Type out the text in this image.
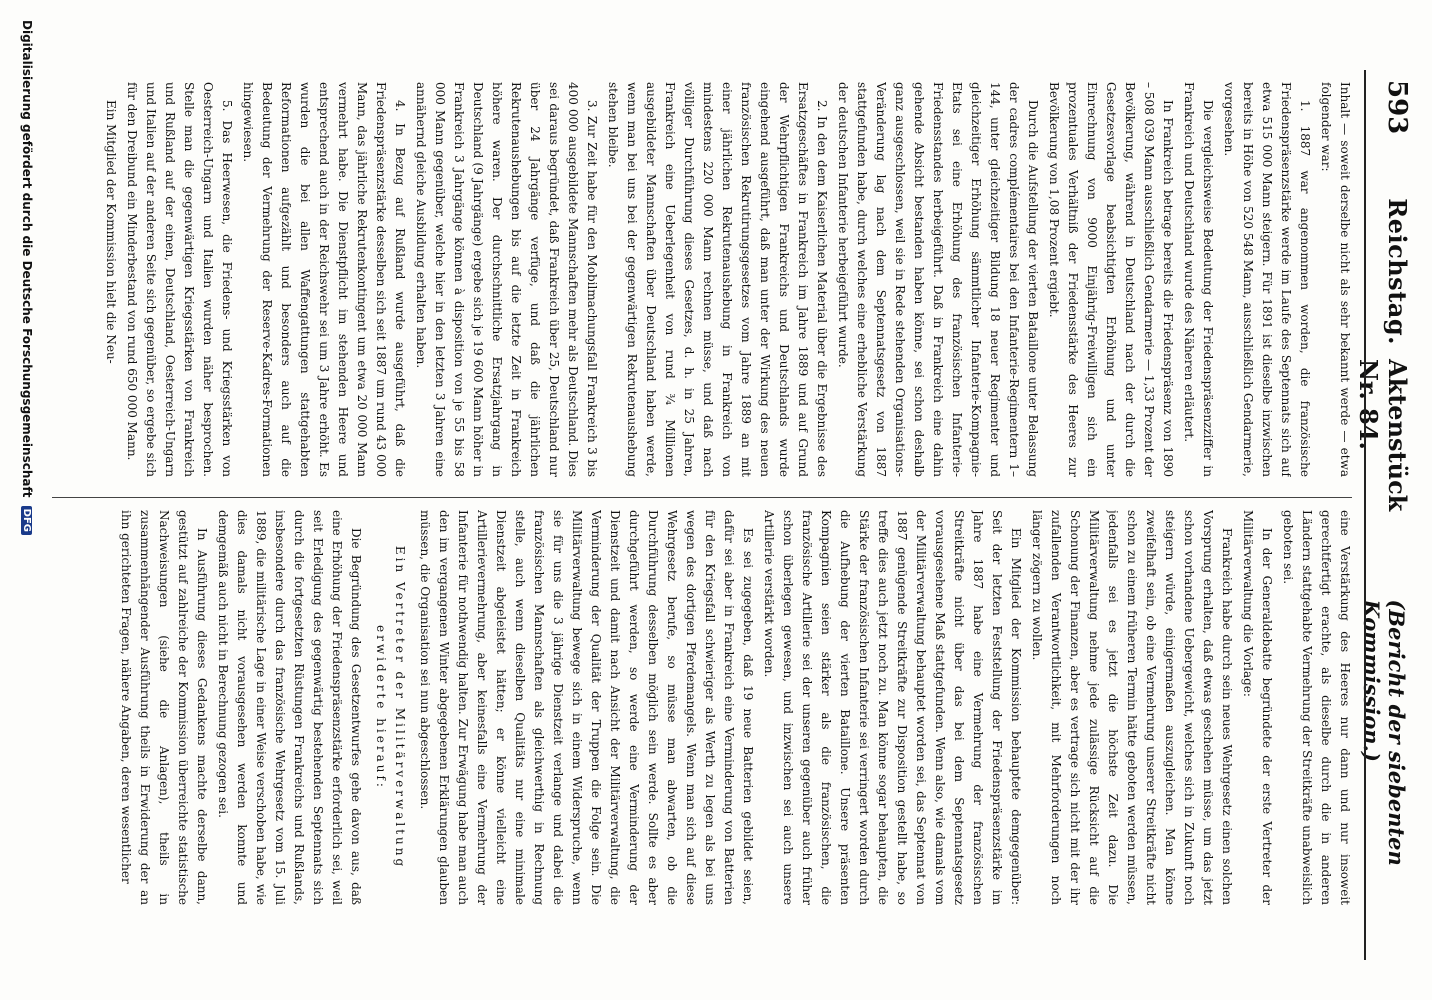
593
Reichstag.
Aktenstück Nr. 84.
(Bericht der siebenten Kommission.)

Inhalt — soweit derselbe nicht als sehr bekannt werde — etwa folgender war:

1. 1887 war angenommen worden, die französische Friedenspräsenzstärke werde im Laufe des Septennats sich auf etwa 515 000 Mann steigern. Für 1891 ist dieselbe inzwischen bereits in Höhe von 520 548 Mann, ausschließlich Gendarmerie, vorgesehen.

Die vergleichsweise Bedeutung der Friedenspräsenzziffer in Frankreich und Deutschland wurde des Näheren erläutert.

In Frankreich betrage bereits die Friedenspräsenz von 1890 – 508 039 Mann ausschließlich Gendarmerie — 1,33 Prozent der Bevölkerung, während in Deutschland nach der durch die Gesetzesvorlage beabsichtigten Erhöhung und unter Einrechnung von 9000 Einjährig-Freiwilligen sich ein prozentuales Verhältniß der Friedensstärke des Heeres zur Bevölkerung von 1,08 Prozent ergiebt.

Durch die Aufstellung der vierten Bataillone unter Belassung der cadres complémentaires bei den Infanterie-Regimentern 1–144, unter gleichzeitiger Bildung 18 neuer Regimenter und gleichzeitiger Erhöhung sämmtlicher Infanterie-Kompagnie-Etats sei eine Erhöhung des französischen Infanterie-Friedensstandes herbeigeführt. Daß in Frankreich eine dahin gehende Absicht bestanden haben könne, sei schon deshalb ganz ausgeschlossen, weil sie in Rede stehenden Organisations-Veränderung lag nach dem Septennatsgesetz von 1887 stattgefunden habe, durch welches eine erhebliche Verstärkung der deutschen Infanterie herbeigeführt wurde.

2. In den dem Kaiserlichen Material über die Ergebnisse des Ersatzgeschäftes in Frankreich im Jahre 1889 und auf Grund der Wehrpflichtigen Frankreichs und Deutschlands wurde eingehend ausgeführt, daß man unter der Wirkung des neuen französischen Rekrutirungsgesetzes vom Jahre 1889 an mit einer jährlichen Rekrutenaushebung in Frankreich von mindestens 220 000 Mann rechnen müsse, und daß nach völliger Durchführung dieses Gesetzes, d. h. in 25 Jahren, Frankreich eine Ueberlegenheit von rund ¾ Millionen ausgebildeter Mannschaften über Deutschland haben werde, wenn man bei uns bei der gegenwärtigen Rekrutenaushebung stehen bleibe.

3. Zur Zeit habe für den Mobilmachungsfall Frankreich 3 bis 400 000 ausgebildete Mannschaften mehr als Deutschland. Dies sei daraus begründet, daß Frankreich über 25, Deutschland nur über 24 Jahrgänge verfüge, und daß die jährlichen Rekrutenaushebungen bis auf die letzte Zeit in Frankreich höhere waren. Der durchschnittliche Ersatzjahrgang in Deutschland (9 Jahrgänge) ergebe sich je 19 600 Mann höher in Frankreich 3 Jahrgänge können à disposition von je 55 bis 58 000 Mann gegenüber, welche hier in den letzten 3 Jahren eine annähernd gleiche Ausbildung erhalten haben.

4. In Bezug auf Rußland wurde ausgeführt, daß die Friedenspräsenzstärke desselben sich seit 1887 um rund 43 000 Mann, das jährliche Rekrutenkontingent um etwa 20 000 Mann vermehrt habe. Die Dienstpflicht im stehenden Heere und entsprechend auch in der Reichswehr sei um 3 Jahre erhöht. Es wurden die bei allen Waffengattungen stattgehabten Reformationen aufgezählt und besonders auch auf die Bedeutung der Vermehrung der Reserve-Kadres-Formationen hingewiesen.

5. Das Heerwesen, die Friedens- und Kriegsstärken von Oesterreich-Ungarn und Italien wurden näher besprochen. Stelle man die gegenwärtigen Kriegsstärken von Frankreich und Rußland auf der einen, Deutschland, Oesterreich-Ungarn und Italien auf der anderen Seite sich gegenüber, so ergebe sich für den Dreibund ein Minderbestand von rund 650 000 Mann.

Ein Mitglied der Kommission hielt die Neu-

eine Verstärkung des Heeres nur dann und nur insoweit gerechtfertigt erachte, als dieselbe durch die in anderen Ländern stattgehabte Vermehrung der Streitkräfte unabweislich geboten sei.

In der Generaldebatte begründete der erste Vertreter der Militärverwaltung die Vorlage:

Frankreich habe durch sein neues Wehrgesetz einen solchen Vorsprung erhalten, daß etwas geschehen müsse, um das jetzt schon vorhandene Uebergewicht, welches sich in Zukunft noch steigern würde, einigermaßen auszugleichen. Man könne zweifelhaft sein, ob eine Vermehrung unserer Streitkräfte nicht schon zu einem früheren Termin hätte geboten werden müssen, jedenfalls sei es jetzt die höchste Zeit dazu. Die Militärverwaltung nehme jede zulässige Rücksicht auf die Schonung der Finanzen, aber es vertrage sich nicht mit der ihr zufallenden Verantwortlichkeit, mit Mehrforderungen noch länger zögern zu wollen.

Ein Mitglied der Kommission behauptete demgegenüber: Seit der letzten Feststellung der Friedenspräsenzstärke im Jahre 1887 habe eine Vermehrung der französischen Streitkräfte nicht über das bei dem Septennatsgesetz vorausgesehene Maß stattgefunden. Wenn also, wie damals vom der Militärverwaltung behauptet worden sei, das Septennat von 1887 genügende Streitkräfte zur Disposition gestellt habe, so treffe dies auch jetzt noch zu. Man könne sogar behaupten, die Stärke der französischen Infanterie sei verringert worden durch die Aufhebung der vierten Bataillone. Unsere präsenten Kompagnien seien stärker als die französischen, die französische Artillerie sei der unseren gegenüber auch früher schon überlegen gewesen, und inzwischen sei auch unsere Artillerie verstärkt worden.

Es sei zugegeben, daß 19 neue Batterien gebildet seien, dafür sei aber in Frankreich eine Verminderung von Batterien für den Kriegsfall schwieriger als Werth zu legen als bei uns wegen des dortigen Pferdemangels. Wenn man sich auf diese Wehrgesetz berufe, so müsse man abwarten, ob die Durchführung desselben möglich sein werde. Sollte es aber durchgeführt werden, so werde eine Verminderung der Dienstzeit und damit nach Ansicht der Militärverwaltung, die Verminderung der Qualität der Truppen die Folge sein. Die Militärverwaltung bewege sich in einem Widerspruche, wenn sie für uns die 3 jährige Dienstzeit verlange und dabei die französischen Mannschaften als gleichwerthig in Rechnung stelle, auch wenn dieselben Qualitäts nur eine minimale Dienstzeit abgeleistet hätten; er könne vielleicht eine Artillerievermehrung, aber keinesfalls eine Vermehrung der Infanterie für nothwendig halten. Zur Erwägung habe man auch den im vergangenen Winter abgegebenen Erklärungen glauben müssen, die Organisation sei nun abgeschlossen.

Ein Vertreter der Militärverwaltung erwiderte hierauf:

Die Begründung des Gesetzentwurfes gehe davon aus, daß eine Erhöhung der Friedenspräsenzstärke erforderlich sei, weil seit Erledigung des gegenwärtig bestehenden Septennats sich durch die fortgesetzten Rüstungen Frankreichs und Rußlands, insbesondere durch das französische Wehrgesetz vom 15. Juli 1889, die militärische Lage in einer Weise verschoben habe, wie dies damals nicht vorausgesehen werden konnte und demgemäß auch nicht in Berechnung gezogen sei.

In Ausführung dieses Gedankens machte derselbe dann, gestützt auf zahlreiche der Kommission überreichte statistische Nachweisungen (siehe die Anlagen), theils in zusammenhängender Ausführung theils in Erwiderung der an ihn gerichteten Fragen, nähere Angaben, deren wesentlicher

Digitalisierung gefördert durch die Deutsche Forschungsgemeinschaft DFG
